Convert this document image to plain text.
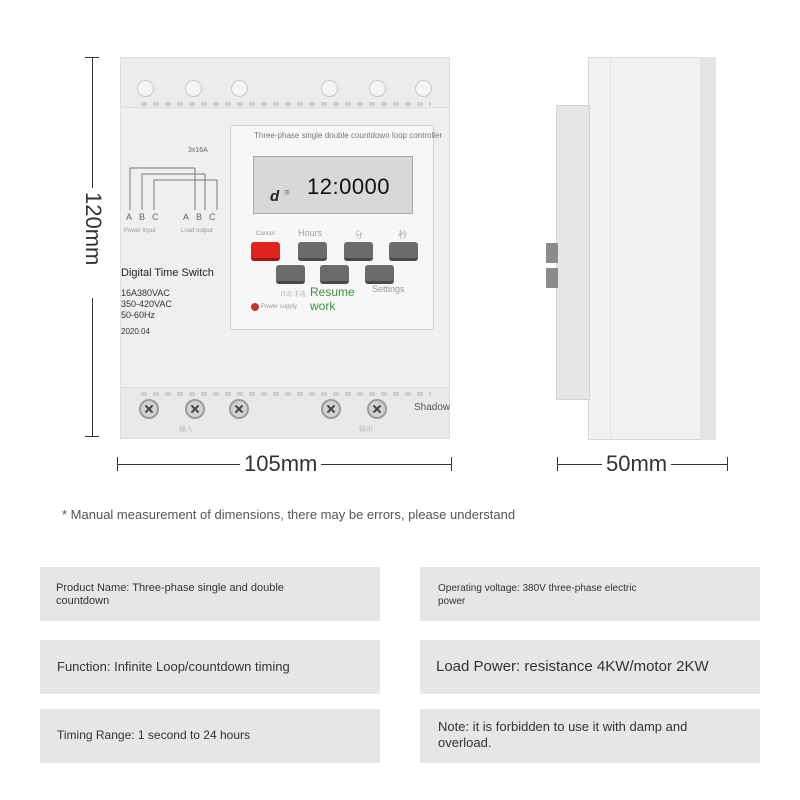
输入	输出
Shadow
3x16A
ABC ABC
Power input	Load output
Digital Time Switch
16A380VAC
350-420VAC
50-60Hz
2020.04
Three-phase single double countdown loop controller
d 开 12:0000
Cancel	Hours	分	秒
自动 手动 Resume work
Settings
Power supply
120mm
105mm	50mm

* Manual measurement of dimensions, there may be errors, please understand

Product Name: Three-phase single and double countdown
Operating voltage: 380V three-phase electric power
Function: Infinite Loop/countdown timing	Load Power: resistance 4KW/motor 2KW
Timing Range: 1 second to 24 hours
Note: it is forbidden to use it with damp and overload.
